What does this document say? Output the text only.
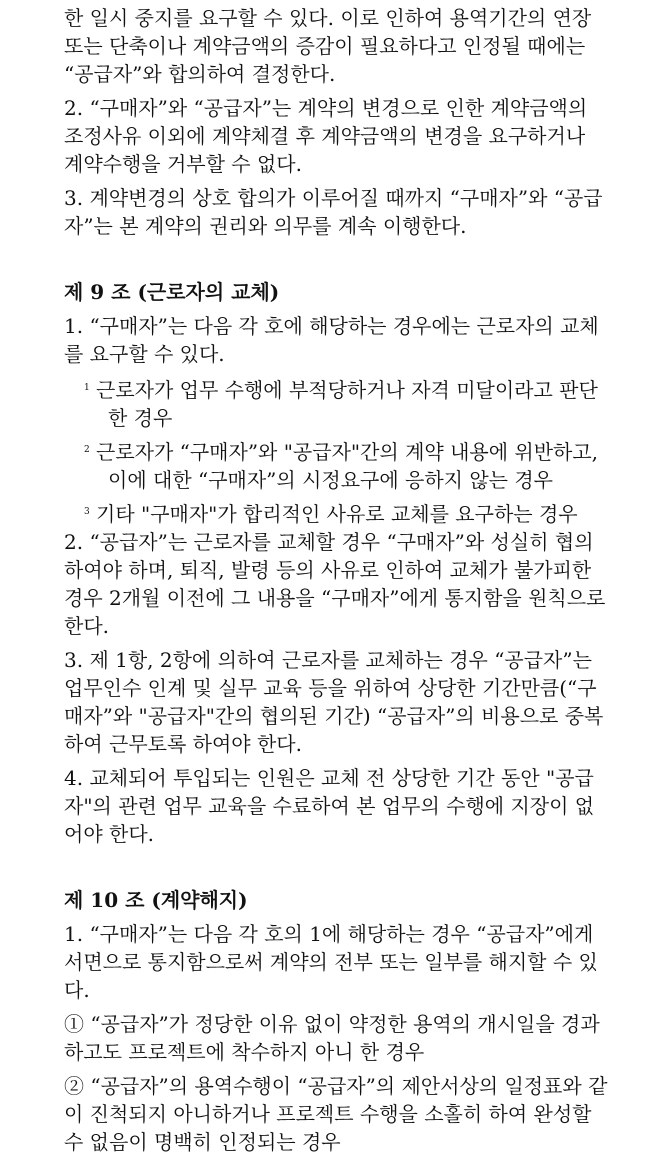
한 일시 중지를 요구할 수 있다. 이로 인하여 용역기간의 연장
또는 단축이나 계약금액의 증감이 필요하다고 인정될 때에는
“공급자”와 합의하여 결정한다.

2. “구매자”와 “공급자”는 계약의 변경으로 인한 계약금액의
조정사유 이외에 계약체결 후 계약금액의 변경을 요구하거나
계약수행을 거부할 수 없다.

3. 계약변경의 상호 합의가 이루어질 때까지 “구매자”와 “공급
자”는 본 계약의 권리와 의무를 계속 이행한다.

제 9 조 (근로자의 교체)

1. “구매자”는 다음 각 호에 해당하는 경우에는 근로자의 교체
를 요구할 수 있다.

1 근로자가 업무 수행에 부적당하거나 자격 미달이라고 판단
한 경우
2 근로자가 “구매자”와 "공급자"간의 계약 내용에 위반하고,
이에 대한 “구매자”의 시정요구에 응하지 않는 경우
3 기타 "구매자"가 합리적인 사유로 교체를 요구하는 경우

2. “공급자”는 근로자를 교체할 경우 “구매자”와 성실히 협의
하여야 하며, 퇴직, 발령 등의 사유로 인하여 교체가 불가피한
경우 2개월 이전에 그 내용을 “구매자”에게 통지함을 원칙으로
한다.

3. 제 1항, 2항에 의하여 근로자를 교체하는 경우 “공급자”는
업무인수 인계 및 실무 교육 등을 위하여 상당한 기간만큼(“구
매자”와 "공급자"간의 협의된 기간) “공급자”의 비용으로 중복
하여 근무토록 하여야 한다.

4. 교체되어 투입되는 인원은 교체 전 상당한 기간 동안 "공급
자"의 관련 업무 교육을 수료하여 본 업무의 수행에 지장이 없
어야 한다.

제 10 조 (계약해지)

1. “구매자”는 다음 각 호의 1에 해당하는 경우 “공급자”에게
서면으로 통지함으로써 계약의 전부 또는 일부를 해지할 수 있
다.

① “공급자”가 정당한 이유 없이 약정한 용역의 개시일을 경과
하고도 프로젝트에 착수하지 아니 한 경우

② “공급자”의 용역수행이 “공급자”의 제안서상의 일정표와 같
이 진척되지 아니하거나 프로젝트 수행을 소홀히 하여 완성할
수 없음이 명백히 인정되는 경우
